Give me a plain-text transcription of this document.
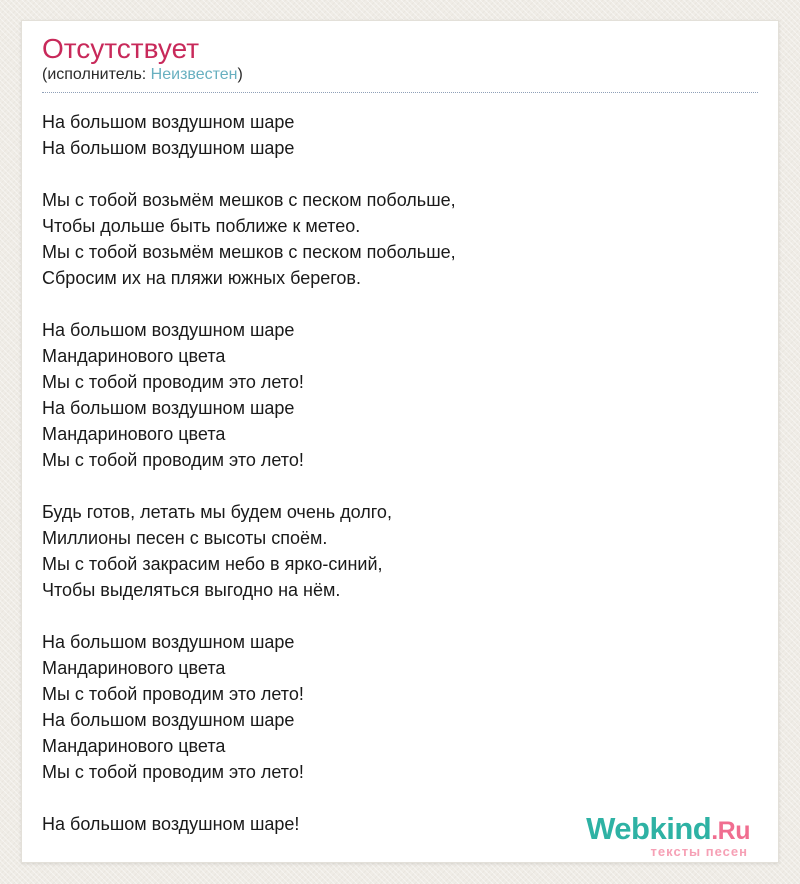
Отсутствует
(исполнитель: Неизвестен)

На большом воздушном шаре
На большом воздушном шаре

Мы с тобой возьмём мешков с песком побольше,
Чтобы дольше быть поближе к метео.
Мы с тобой возьмём мешков с песком побольше,
Сбросим их на пляжи южных берегов.

На большом воздушном шаре
Мандаринового цвета
Мы с тобой проводим это лето!
На большом воздушном шаре
Мандаринового цвета
Мы с тобой проводим это лето!

Будь готов, летать мы будем очень долго,
Миллионы песен с высоты споём.
Мы с тобой закрасим небо в ярко-синий,
Чтобы выделяться выгодно на нём.

На большом воздушном шаре
Мандаринового цвета
Мы с тобой проводим это лето!
На большом воздушном шаре
Мандаринового цвета
Мы с тобой проводим это лето!

На большом воздушном шаре!	Webkind.Ru
тексты песен
